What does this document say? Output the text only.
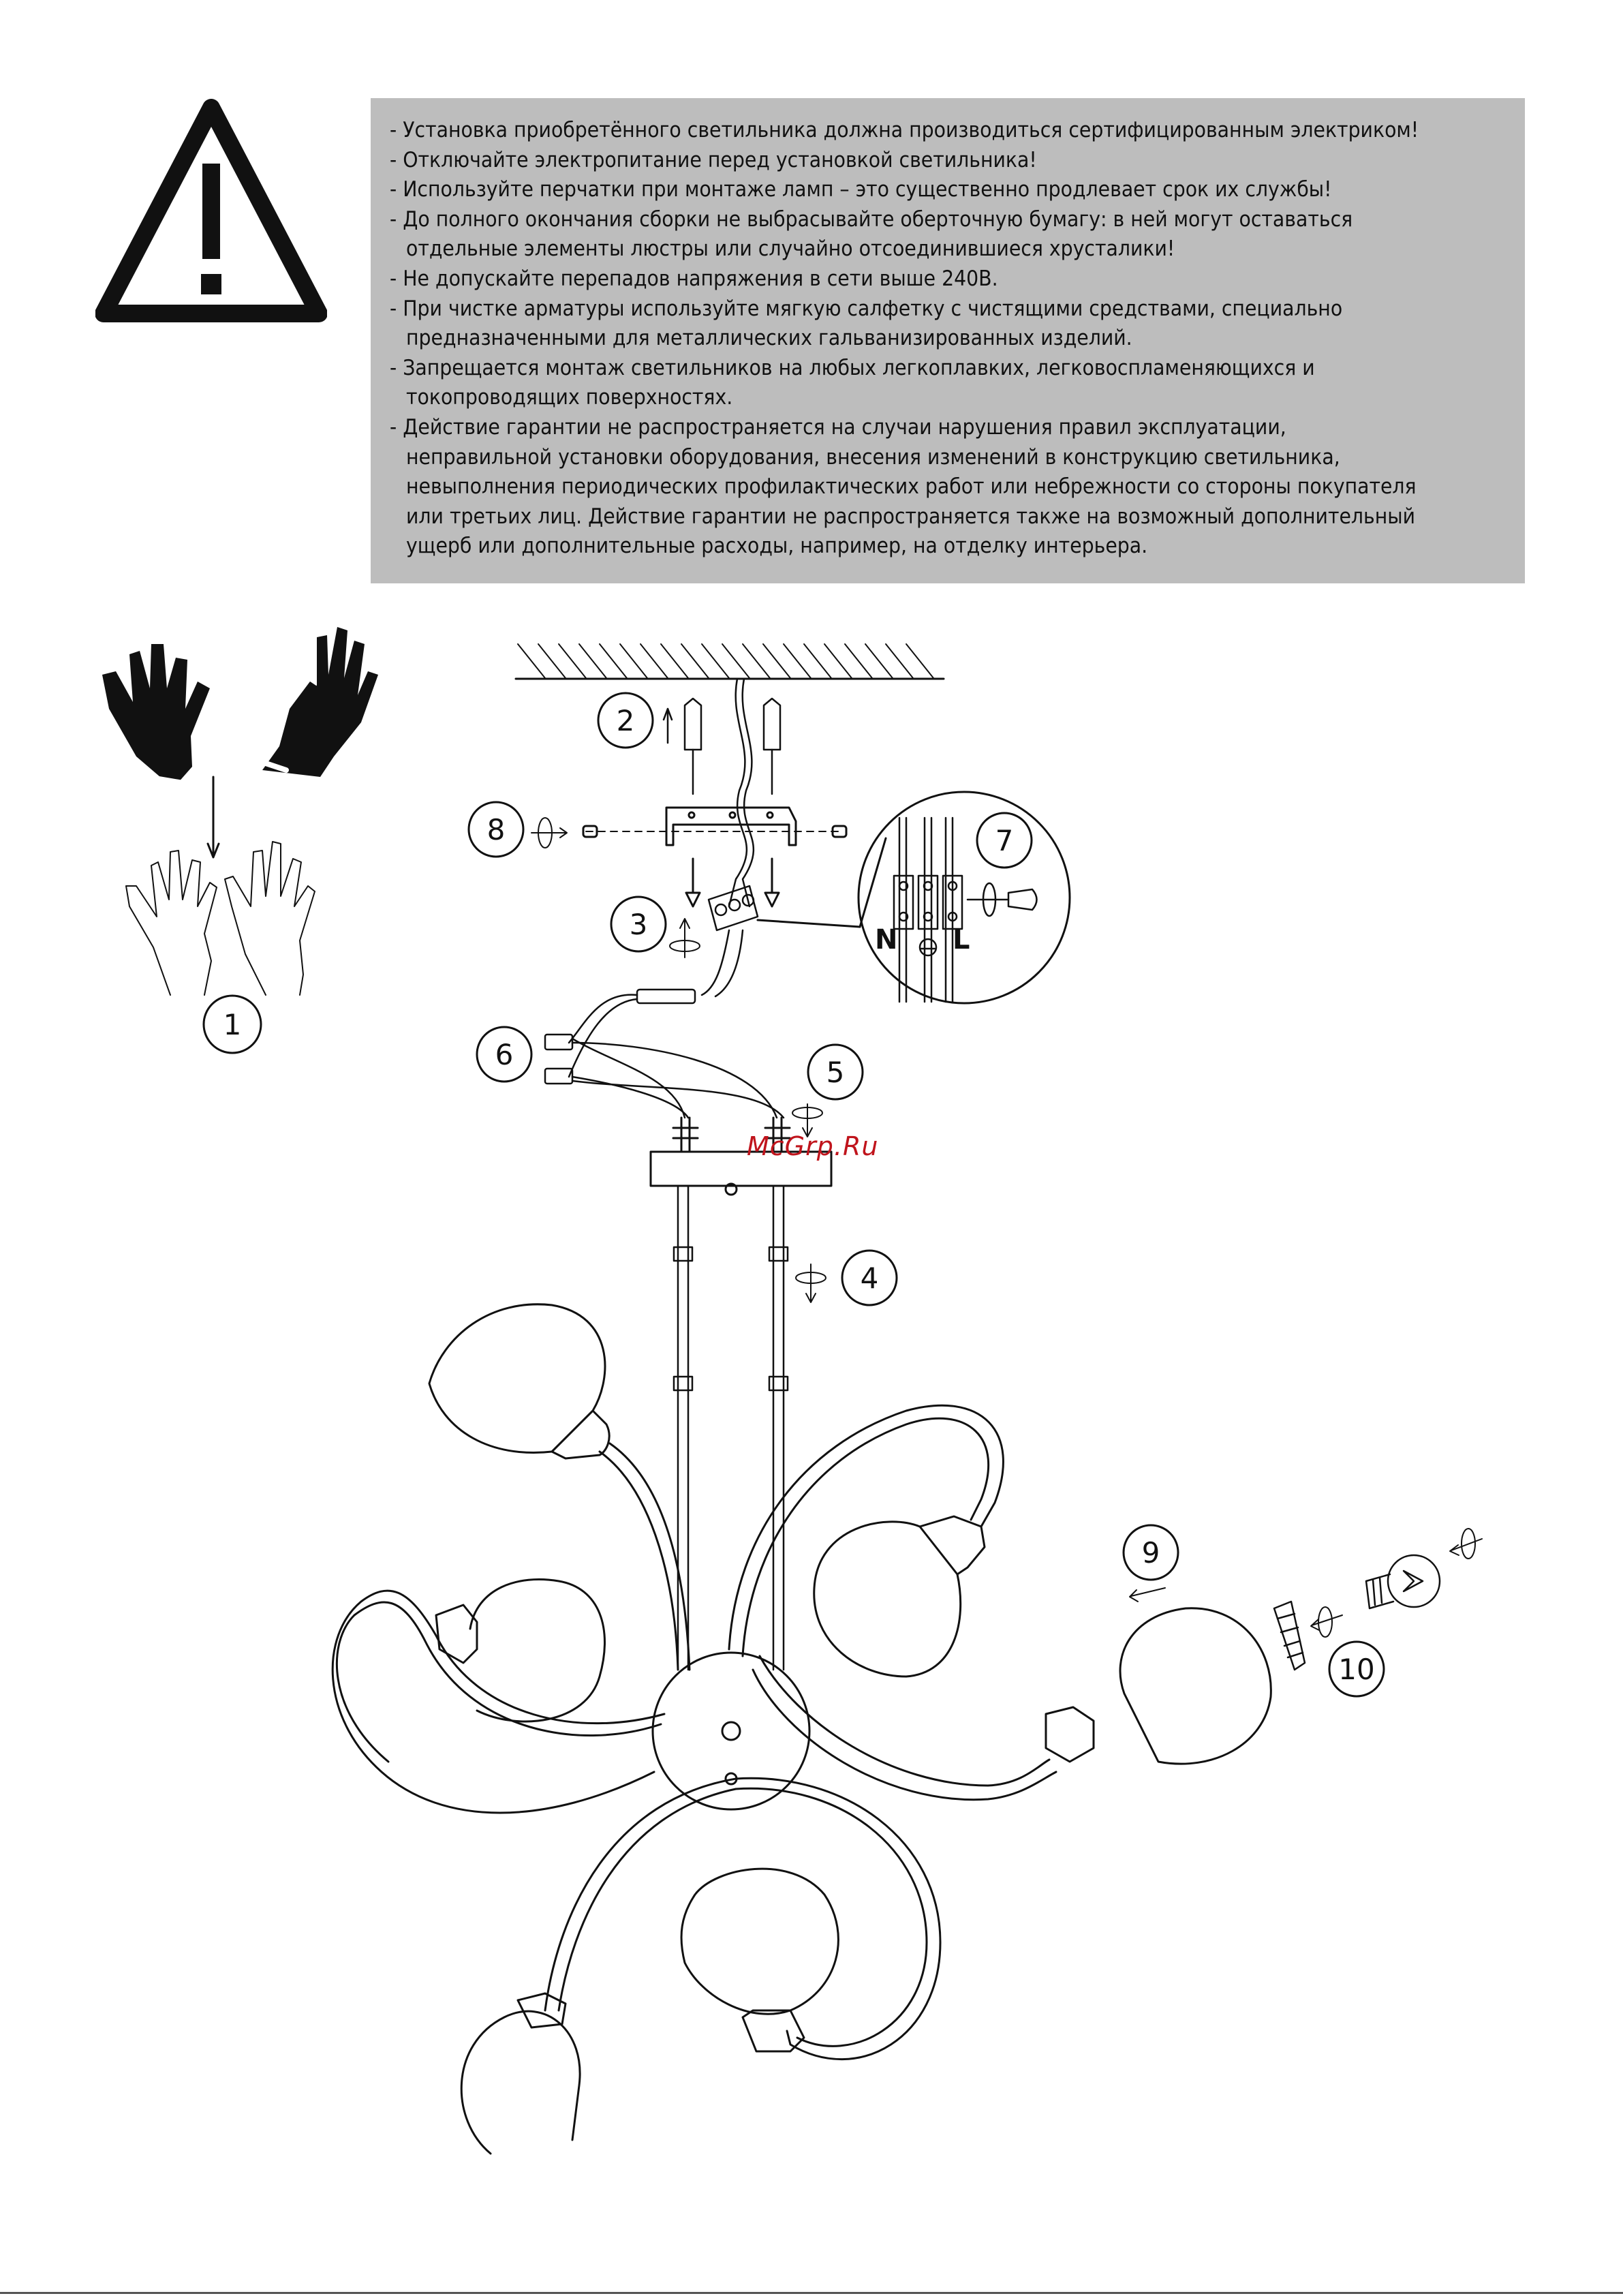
- Установка приобретённого светильника должна производиться сертифицированным электриком!
- Отключайте электропитание перед установкой светильника!
- Используйте перчатки при монтаже ламп – это существенно продлевает срок их службы!
- До полного окончания сборки не выбрасывайте оберточную бумагу: в ней могут оставаться
отдельные элементы люстры или случайно отсоединившиеся хрусталики!
- Не допускайте перепадов напряжения в сети выше 240В.
- При чистке арматуры используйте мягкую салфетку с чистящими средствами, специально
предназначенными для металлических гальванизированных изделий.
- Запрещается монтаж светильников на любых легкоплавких, легковоспламеняющихся и
токопроводящих поверхностях.
- Действие гарантии не распространяется на случаи нарушения правил эксплуатации,
неправильной установки оборудования, внесения изменений в конструкцию светильника,
невыполнения периодических профилактических работ или небрежности со стороны покупателя
или третьих лиц. Действие гарантии не распространяется также на возможный дополнительный
ущерб или дополнительные расходы, например, на отделку интерьера.
1
2
8
3	N L
7
6
5
4
9
10
McGrp.Ru
